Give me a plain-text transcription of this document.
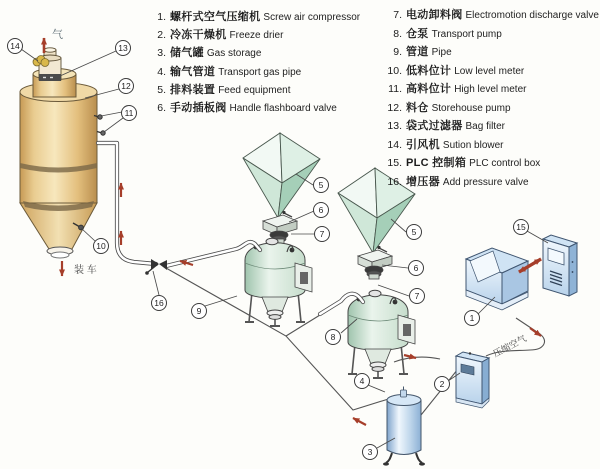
1. 螺杆式空气压缩机 Screw air compressor
2. 冷冻干燥机 Freeze drier
3. 储气罐 Gas storage
4. 输气管道 Transport gas pipe
5. 排料装置 Feed equipment
6. 手动插板阀 Handle flashboard valve
7. 电动卸料阀 Electromotion discharge valve
8. 仓泵 Transport pump
9. 管道 Pipe
10. 低料位计 Low level meter
11. 高料位计 High level meter
12. 料仓 Storehouse pump
13. 袋式过滤器 Bag filter
14. 引风机 Sution blower
15. PLC 控制箱 PLC control box
16. 增压器 Add pressure valve
14	13
12
11
10
16
9
5
6
7	5
6
7
8
4
3
2
1
15
气
装 车
压缩空气
